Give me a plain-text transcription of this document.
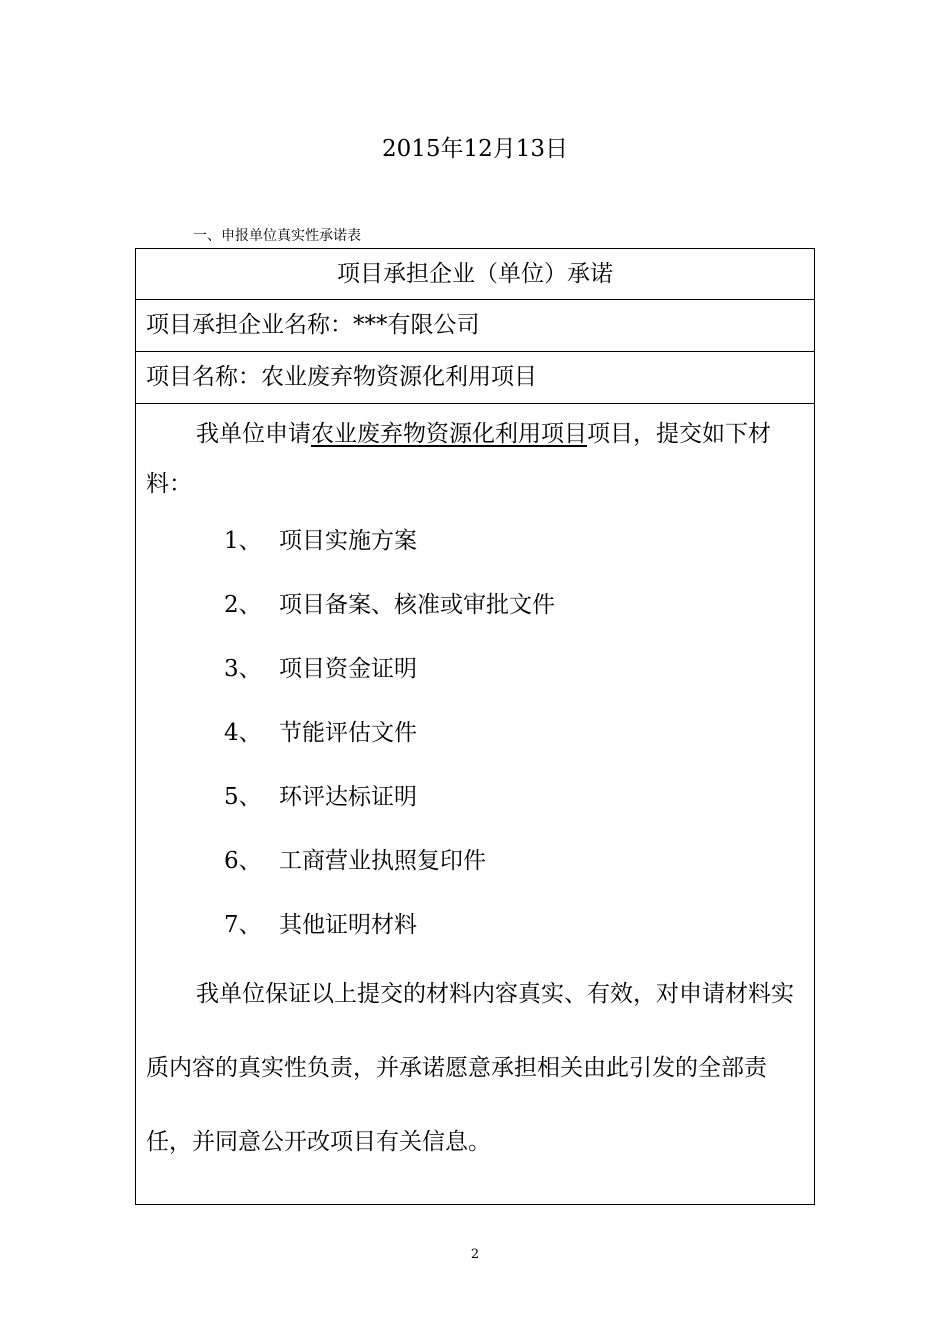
2015年12月13日
一、申报单位真实性承诺表
项目承担企业（单位）承诺
项目承担企业名称：***有限公司
项目名称：农业废弃物资源化利用项目

我单位申请农业废弃物资源化利用项目项目，提交如下材料：

1、 项目实施方案
2、 项目备案、核准或审批文件
3、 项目资金证明
4、 节能评估文件
5、 环评达标证明
6、 工商营业执照复印件
7、 其他证明材料

我单位保证以上提交的材料内容真实、有效，对申请材料实质内容的真实性负责，并承诺愿意承担相关由此引发的全部责任，并同意公开改项目有关信息。

2
